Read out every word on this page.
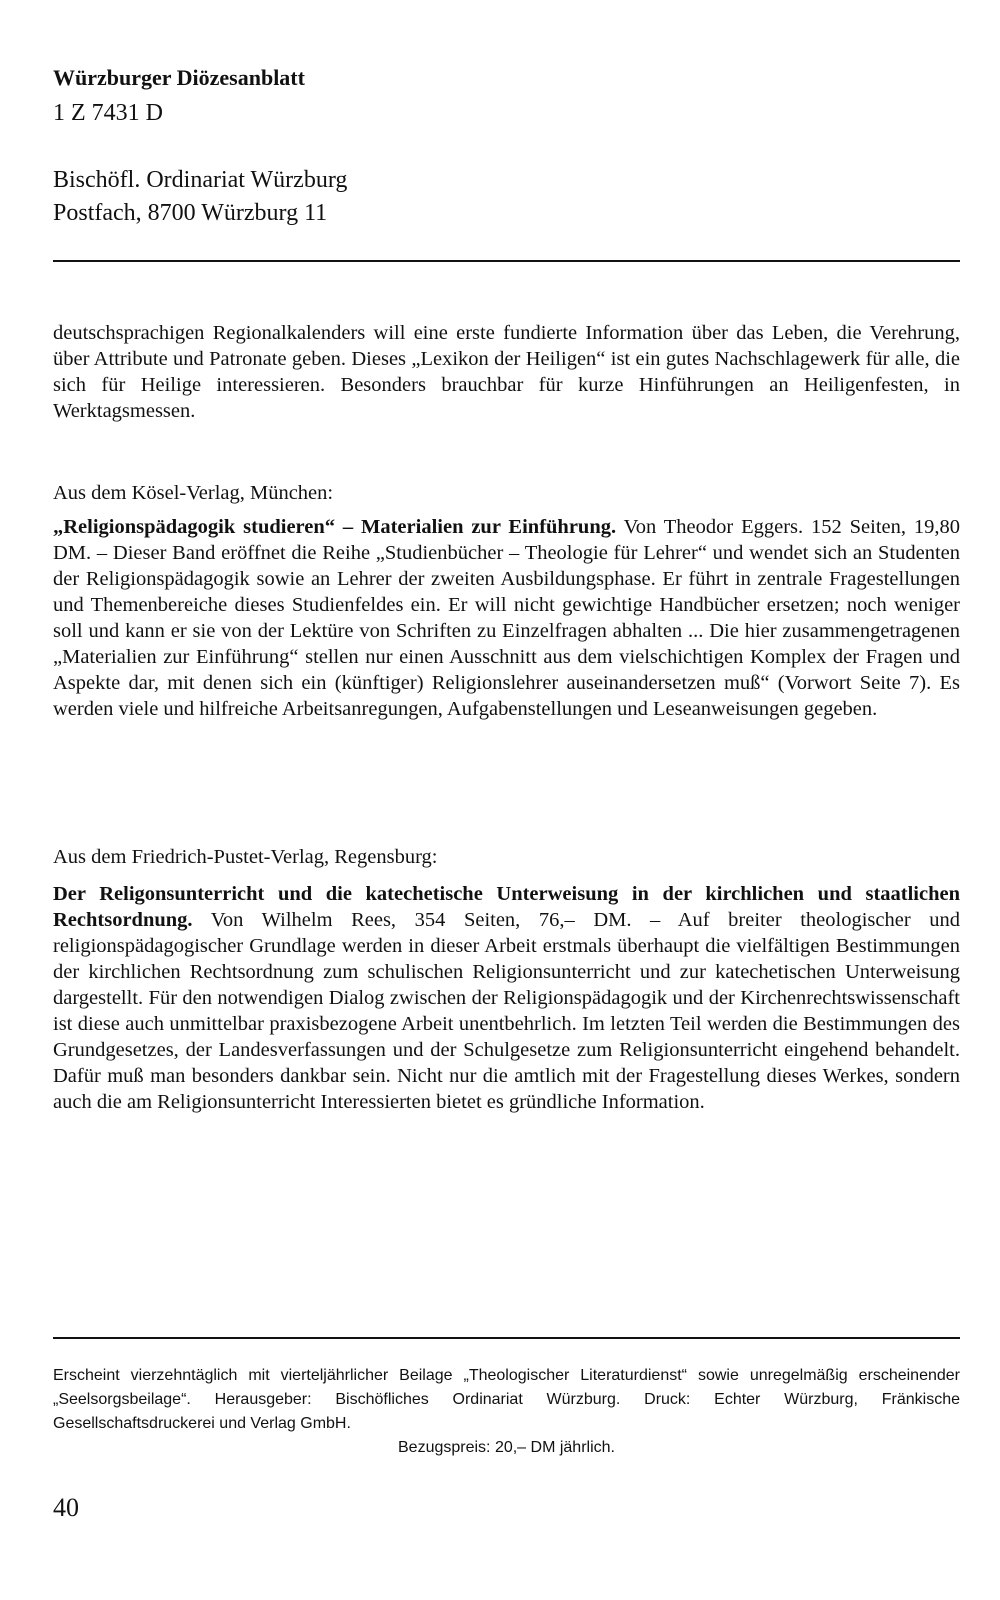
Würzburger Diözesanblatt
1 Z 7431 D
Bischöfl. Ordinariat Würzburg
Postfach, 8700 Würzburg 11

deutschsprachigen Regionalkalenders will eine erste fundierte Information über das Leben, die Verehrung, über Attribute und Patronate geben. Dieses „Lexikon der Heiligen“ ist ein gutes Nachschlagewerk für alle, die sich für Heilige interessieren. Besonders brauchbar für kurze Hinführungen an Heiligenfesten, in Werktagsmessen.

Aus dem Kösel-Verlag, München:

„Religionspädagogik studieren“ – Materialien zur Einführung. Von Theodor Eggers. 152 Seiten, 19,80 DM. – Dieser Band eröffnet die Reihe „Studienbücher – Theologie für Lehrer“ und wendet sich an Studenten der Religionspädagogik sowie an Lehrer der zweiten Ausbildungsphase. Er führt in zentrale Fragestellungen und Themenbereiche dieses Studienfeldes ein. Er will nicht gewichtige Handbücher ersetzen; noch weniger soll und kann er sie von der Lektüre von Schriften zu Einzelfragen abhalten ... Die hier zusammengetragenen „Materialien zur Einführung“ stellen nur einen Ausschnitt aus dem vielschichtigen Komplex der Fragen und Aspekte dar, mit denen sich ein (künftiger) Religionslehrer auseinandersetzen muß“ (Vorwort Seite 7). Es werden viele und hilfreiche Arbeitsanregungen, Aufgabenstellungen und Leseanweisungen gegeben.

Aus dem Friedrich-Pustet-Verlag, Regensburg:

Der Religonsunterricht und die katechetische Unterweisung in der kirchlichen und staatlichen Rechtsordnung. Von Wilhelm Rees, 354 Seiten, 76,– DM. – Auf breiter theologischer und religionspädagogischer Grundlage werden in dieser Arbeit erstmals überhaupt die vielfältigen Bestimmungen der kirchlichen Rechtsordnung zum schulischen Religionsunterricht und zur katechetischen Unterweisung dargestellt. Für den notwendigen Dialog zwischen der Religionspädagogik und der Kirchenrechtswissenschaft ist diese auch unmittelbar praxisbezogene Arbeit unentbehrlich. Im letzten Teil werden die Bestimmungen des Grundgesetzes, der Landesverfassungen und der Schulgesetze zum Religionsunterricht eingehend behandelt. Dafür muß man besonders dankbar sein. Nicht nur die amtlich mit der Fragestellung dieses Werkes, sondern auch die am Religionsunterricht Interessierten bietet es gründliche Information.

Erscheint vierzehntäglich mit vierteljährlicher Beilage „Theologischer Literaturdienst“ sowie unregelmäßig erscheinender „Seelsorgsbeilage“. Herausgeber: Bischöfliches Ordinariat Würzburg. Druck: Echter Würzburg, Fränkische Gesellschaftsdruckerei und Verlag GmbH.

Bezugspreis: 20,– DM jährlich.
40
